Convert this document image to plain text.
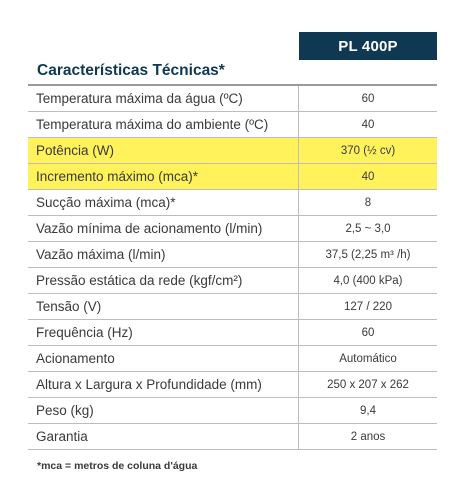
PL 400P
Características Técnicas*
Temperatura máxima da água (ºC)	60
Temperatura máxima do ambiente (ºC)	40
Potência (W)	370 (½ cv)
Incremento máximo (mca)*	40
Sucção máxima (mca)*	8
Vazão mínima de acionamento (l/min)	2,5 ~ 3,0
Vazão máxima (l/min)	37,5 (2,25 m³ /h)
Pressão estática da rede (kgf/cm²)	4,0 (400 kPa)
Tensão (V)	127 / 220
Frequência (Hz)	60
Acionamento	Automático
Altura x Largura x Profundidade (mm)	250 x 207 x 262
Peso (kg)	9,4
Garantia	2 anos
*mca = metros de coluna d'água
